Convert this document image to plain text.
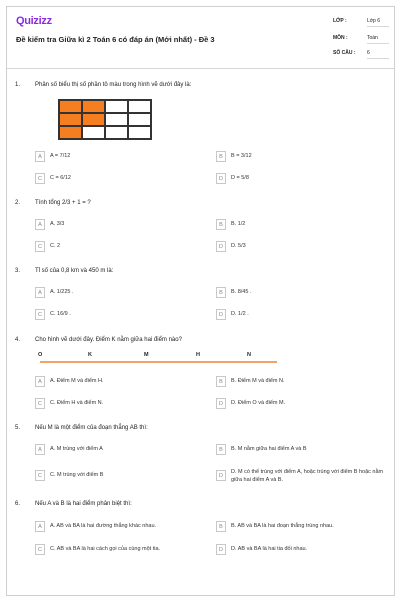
Quizizz
Đề kiểm tra Giữa kì 2 Toán 6 có đáp án (Mới nhất) - Đề 3
LỚP :	Lớp 6
MÔN :	Toán
SỐ CÂU : 6
1. Phân số biểu thị số phần tô màu trong hình vẽ dưới đây là:
A	A = 7/12	B	B = 3/12
C	C = 6/12	D	D = 5/8
2. Tính tổng 2/3 + 1 = ?
A	A. 3/3	B	B. 1/2
C	C. 2	D	D. 5/3
3. Tỉ số của 0,8 km và 450 m là:
A	A. 1/225 .	B	B. 8/45 .
C	C. 16/9 .	D	D. 1/2 .
4. Cho hình vẽ dưới đây. Điểm K nằm giữa hai điểm nào?
O	K	M	H	N
A	A. Điểm M và điểm H.	B	B. Điểm M và điểm N.
C	C. Điểm H và điểm N.	D	D. Điểm O và điểm M.
5. Nếu M là một điểm của đoạn thẳng AB thì:
A	A. M trùng với điểm A	B	B. M nằm giữa hai điểm A và B
C	C. M trùng với điểm B	D
D. M có thể trùng với điểm A, hoặc trùng với điểm B hoặc nằm giữa hai điểm A và B.
6. Nếu A và B là hai điểm phân biệt thì:
A	A. AB và BA là hai đường thẳng khác nhau.	B	B. AB và BA là hai đoạn thẳng trùng nhau.
C	C. AB và BA là hai cách gọi của cùng một tia.	D	D. AB và BA là hai tia đối nhau.
